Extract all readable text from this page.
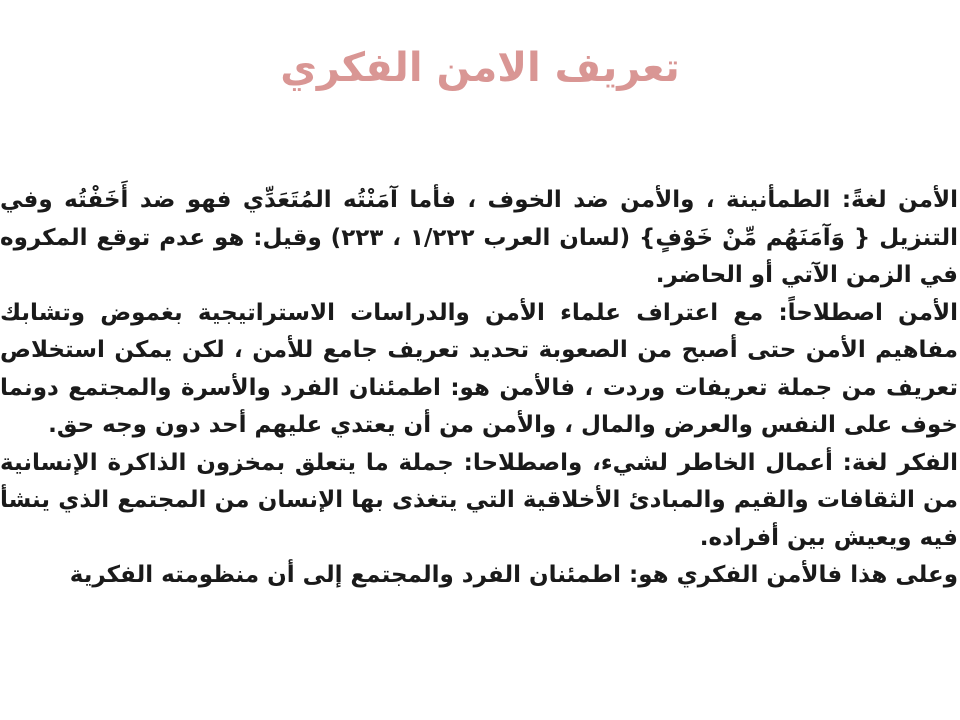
تعريف الامن الفكري

الأمن لغةً: الطمأنينة ، والأمن ضد الخوف ، فأما آمَنْتُه المُتَعَدِّي فهو ضد أَخَفْتُه وفي التنزيل { وَآمَنَهُم مِّنْ خَوْفٍ} (لسان العرب ١/٢٢٢ ، ٢٢٣) وقيل: هو عدم توقع المكروه في الزمن الآتي أو الحاضر.

الأمن اصطلاحاً: مع اعتراف علماء الأمن والدراسات الاستراتيجية بغموض وتشابك مفاهيم الأمن حتى أصبح من الصعوبة تحديد تعريف جامع للأمن ، لكن يمكن استخلاص تعريف من جملة تعريفات وردت ، فالأمن هو: اطمئنان الفرد والأسرة والمجتمع دونما خوف على النفس والعرض والمال ، والأمن من أن يعتدي عليهم أحد دون وجه حق.

الفكر لغة: أعمال الخاطر لشيء، واصطلاحا: جملة ما يتعلق بمخزون الذاكرة الإنسانية من الثقافات والقيم والمبادئ الأخلاقية التي يتغذى بها الإنسان من المجتمع الذي ينشأ فيه ويعيش بين أفراده.

وعلى هذا فالأمن الفكري هو: اطمئنان الفرد والمجتمع إلى أن منظومته الفكرية
